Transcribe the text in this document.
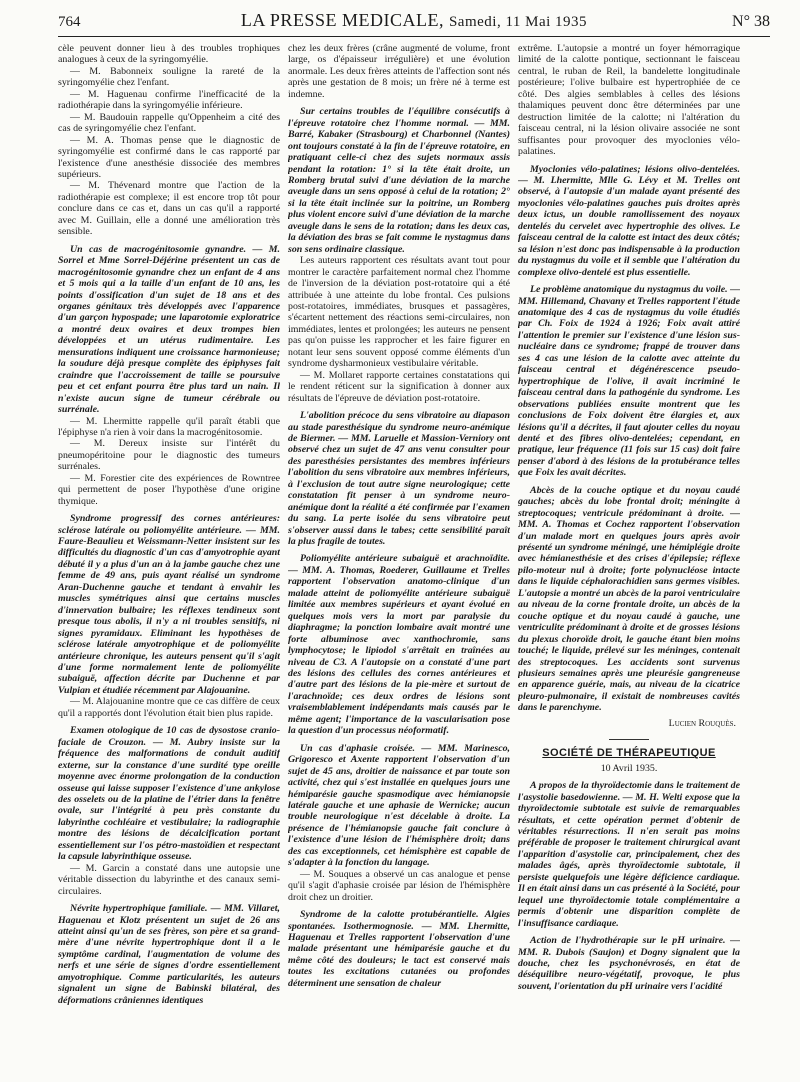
764	LA PRESSE MEDICALE, Samedi, 11 Mai 1935	N° 38

cèle peuvent donner lieu à des troubles trophiques analogues à ceux de la syringomyélie.

— M. Babonneix souligne la rareté de la syringomyélie chez l'enfant.

— M. Haguenau confirme l'inefficacité de la radiothérapie dans la syringomyélie inférieure.

— M. Baudouin rappelle qu'Oppenheim a cité des cas de syringomyélie chez l'enfant.

— M. A. Thomas pense que le diagnostic de syringomyélie est confirmé dans le cas rapporté par l'existence d'une anesthésie dissociée des membres supérieurs.

— M. Thévenard montre que l'action de la radiothérapie est complexe; il est encore trop tôt pour conclure dans ce cas et, dans un cas qu'il a rapporté avec M. Guillain, elle a donné une amélioration très sensible.

Un cas de macrogénitosomie gynandre. — M. Sorrel et Mme Sorrel-Déjérine présentent un cas de macrogénitosomie gynandre chez un enfant de 4 ans et 5 mois qui a la taille d'un enfant de 10 ans, les points d'ossification d'un sujet de 18 ans et des organes génitaux très développés avec l'apparence d'un garçon hypospade; une laparotomie exploratrice a montré deux ovaires et deux trompes bien développées et un utérus rudimentaire. Les mensurations indiquent une croissance harmonieuse; la soudure déjà presque complète des épiphyses fait craindre que l'accroissement de taille se poursuive peu et cet enfant pourra être plus tard un nain. Il n'existe aucun signe de tumeur cérébrale ou surrénale.

— M. Lhermitte rappelle qu'il paraît établi que l'épiphyse n'a rien à voir dans la macrogénitosomie.

— M. Dereux insiste sur l'intérêt du pneumopéritoine pour le diagnostic des tumeurs surrénales.

— M. Forestier cite des expériences de Rowntree qui permettent de poser l'hypothèse d'une origine thymique.

Syndrome progressif des cornes antérieures: sclérose latérale ou poliomyélite antérieure. — MM. Faure-Beaulieu et Weissmann-Netter insistent sur les difficultés du diagnostic d'un cas d'amyotrophie ayant débuté il y a plus d'un an à la jambe gauche chez une femme de 49 ans, puis ayant réalisé un syndrome Aran-Duchenne gauche et tendant à envahir les muscles symétriques ainsi que certains muscles d'innervation bulbaire; les réflexes tendineux sont presque tous abolis, il n'y a ni troubles sensitifs, ni signes pyramidaux. Eliminant les hypothèses de sclérose latérale amyotrophique et de poliomyélite antérieure chronique, les auteurs pensent qu'il s'agit d'une forme normalement lente de poliomyélite subaiguë, affection décrite par Duchenne et par Vulpian et étudiée récemment par Alajouanine.

— M. Alajouanine montre que ce cas diffère de ceux qu'il a rapportés dont l'évolution était bien plus rapide.

Examen otologique de 10 cas de dysostose cranio-faciale de Crouzon. — M. Aubry insiste sur la fréquence des malformations de conduit auditif externe, sur la constance d'une surdité type oreille moyenne avec énorme prolongation de la conduction osseuse qui laisse supposer l'existence d'une ankylose des osselets ou de la platine de l'étrier dans la fenêtre ovale, sur l'intégrité à peu près constante du labyrinthe cochléaire et vestibulaire; la radiographie montre des lésions de décalcification portant essentiellement sur l'os pétro-mastoïdien et respectant la capsule labyrinthique osseuse.

— M. Garcin a constaté dans une autopsie une véritable dissection du labyrinthe et des canaux semi-circulaires.

Névrite hypertrophique familiale. — MM. Villaret, Haguenau et Klotz présentent un sujet de 26 ans atteint ainsi qu'un de ses frères, son père et sa grand-mère d'une névrite hypertrophique dont il a le symptôme cardinal, l'augmentation de volume des nerfs et une série de signes d'ordre essentiellement amyotrophique. Comme particularités, les auteurs signalent un signe de Babinski bilatéral, des déformations crâniennes identiques

chez les deux frères (crâne augmenté de volume, front large, os d'épaisseur irrégulière) et une évolution anormale. Les deux frères atteints de l'affection sont nés après une gestation de 8 mois; un frère né à terme est indemne.

Sur certains troubles de l'équilibre consécutifs à l'épreuve rotatoire chez l'homme normal. — MM. Barré, Kabaker (Strasbourg) et Charbonnel (Nantes) ont toujours constaté à la fin de l'épreuve rotatoire, en pratiquant celle-ci chez des sujets normaux assis pendant la rotation: 1° si la tête était droite, un Romberg brutal suivi d'une déviation de la marche aveugle dans un sens opposé à celui de la rotation; 2° si la tête était inclinée sur la poitrine, un Romberg plus violent encore suivi d'une déviation de la marche aveugle dans le sens de la rotation; dans les deux cas, la déviation des bras se fait comme le nystagmus dans son sens ordinaire classique.

Les auteurs rapportent ces résultats avant tout pour montrer le caractère parfaitement normal chez l'homme de l'inversion de la déviation post-rotatoire qui a été attribuée à une atteinte du lobe frontal. Ces pulsions post-rotatoires, immédiates, brusques et passagères, s'écartent nettement des réactions semi-circulaires, non immédiates, lentes et prolongées; les auteurs ne pensent pas qu'on puisse les rapprocher et les faire figurer en notant leur sens souvent opposé comme éléments d'un syndrome dysharmonieux vestibulaire véritable.

— M. Mollaret rapporte certaines constatations qui le rendent réticent sur la signification à donner aux résultats de l'épreuve de déviation post-rotatoire.

L'abolition précoce du sens vibratoire au diapason au stade paresthésique du syndrome neuro-anémique de Biermer. — MM. Laruelle et Massion-Verniory ont observé chez un sujet de 47 ans venu consulter pour des paresthésies persistantes des membres inférieurs l'abolition du sens vibratoire aux membres inférieurs, à l'exclusion de tout autre signe neurologique; cette constatation fit penser à un syndrome neuro-anémique dont la réalité a été confirmée par l'examen du sang. La perte isolée du sens vibratoire peut s'observer aussi dans le tabes; cette sensibilité paraît la plus fragile de toutes.
Poliomyélite antérieure subaiguë et arachnoïdite. — MM. A. Thomas, Roederer, Guillaume et Trelles rapportent l'observation anatomo-clinique d'un malade atteint de poliomyélite antérieure subaiguë limitée aux membres supérieurs et ayant évolué en quelques mois vers la mort par paralysie du diaphragme; la ponction lombaire avait montré une forte albuminose avec xanthochromie, sans lymphocytose; le lipiodol s'arrêtait en traînées au niveau de C3. A l'autopsie on a constaté d'une part des lésions des cellules des cornes antérieures et d'autre part des lésions de la pie-mère et surtout de l'arachnoïde; ces deux ordres de lésions sont vraisemblablement indépendants mais causés par le même agent; l'importance de la vascularisation pose la question d'un processus néoformatif.
Un cas d'aphasie croisée. — MM. Marinesco, Grigoresco et Axente rapportent l'observation d'un sujet de 45 ans, droitier de naissance et par toute son activité, chez qui s'est installée en quelques jours une hémiparésie gauche spasmodique avec hémianopsie latérale gauche et une aphasie de Wernicke; aucun trouble neurologique n'est décelable à droite. La présence de l'hémianopsie gauche fait conclure à l'existence d'une lésion de l'hémisphère droit; dans des cas exceptionnels, cet hémisphère est capable de s'adapter à la fonction du langage.

— M. Souques a observé un cas analogue et pense qu'il s'agit d'aphasie croisée par lésion de l'hémisphère droit chez un droitier.

Syndrome de la calotte protubérantielle. Algies spontanées. Isothermognosie. — MM. Lhermitte, Haguenau et Trelles rapportent l'observation d'une malade présentant une hémiparésie gauche et du même côté des douleurs; le tact est conservé mais toutes les excitations cutanées ou profondes déterminent une sensation de chaleur

extrême. L'autopsie a montré un foyer hémorragique limité de la calotte pontique, sectionnant le faisceau central, le ruban de Reil, la bandelette longitudinale postérieure; l'olive bulbaire est hypertrophiée de ce côté. Des algies semblables à celles des lésions thalamiques peuvent donc être déterminées par une destruction limitée de la calotte; ni l'altération du faisceau central, ni la lésion olivaire associée ne sont suffisantes pour provoquer des myoclonies vélo-palatines.

Myoclonies vélo-palatines; lésions olivo-dentelées. — M. Lhermitte, Mlle G. Lévy et M. Trelles ont observé, à l'autopsie d'un malade ayant présenté des myoclonies vélo-palatines gauches puis droites après deux ictus, un double ramollissement des noyaux dentelés du cervelet avec hypertrophie des olives. Le faisceau central de la calotte est intact des deux côtés; sa lésion n'est donc pas indispensable à la production du nystagmus du voile et il semble que l'altération du complexe olivo-dentelé est plus essentielle.
Le problème anatomique du nystagmus du voile. — MM. Hillemand, Chavany et Trelles rapportent l'étude anatomique des 4 cas de nystagmus du voile étudiés par Ch. Foix de 1924 à 1926; Foix avait attiré l'attention le premier sur l'existence d'une lésion sus-nucléaire dans ce syndrome; frappé de trouver dans ses 4 cas une lésion de la calotte avec atteinte du faisceau central et dégénérescence pseudo-hypertrophique de l'olive, il avait incriminé le faisceau central dans la pathogénie du syndrome. Les observations publiées ensuite montrent que les conclusions de Foix doivent être élargies et, aux lésions qu'il a décrites, il faut ajouter celles du noyau denté et des fibres olivo-dentelées; cependant, en pratique, leur fréquence (11 fois sur 15 cas) doit faire penser d'abord à des lésions de la protubérance telles que Foix les avait décrites.
Abcès de la couche optique et du noyau caudé gauches; abcès du lobe frontal droit; méningite à streptocoques; ventricule prédominant à droite. — MM. A. Thomas et Cochez rapportent l'observation d'un malade mort en quelques jours après avoir présenté un syndrome méningé, une hémiplégie droite avec hémianesthésie et des crises d'épilepsie; réflexe pilo-moteur nul à droite; forte polynucléose intacte dans le liquide céphalorachidien sans germes visibles. L'autopsie a montré un abcès de la paroi ventriculaire au niveau de la corne frontale droite, un abcès de la couche optique et du noyau caudé à gauche, une ventriculite prédominant à droite et de grosses lésions du plexus choroïde droit, le gauche étant bien moins touché; le liquide, prélevé sur les méninges, contenait des streptocoques. Les accidents sont survenus plusieurs semaines après une pleurésie gangreneuse en apparence guérie, mais, au niveau de la cicatrice pleuro-pulmonaire, il existait de nombreuses cavités dans le parenchyme.

Lucien Rouquès.

SOCIÉTÉ DE THÉRAPEUTIQUE
10 Avril 1935.
A propos de la thyroïdectomie dans le traitement de l'asystolie basedowienne. — M. H. Welti expose que la thyroïdectomie subtotale est suivie de remarquables résultats, et cette opération permet d'obtenir de véritables résurrections. Il n'en serait pas moins préférable de proposer le traitement chirurgical avant l'apparition d'asystolie car, principalement, chez des malades âgés, après thyroïdectomie subtotale, il persiste quelquefois une légère déficience cardiaque. Il en était ainsi dans un cas présenté à la Société, pour lequel une thyroïdectomie totale complémentaire a permis d'obtenir une disparition complète de l'insuffisance cardiaque.
Action de l'hydrothérapie sur le pH urinaire. — MM. R. Dubois (Saujon) et Dogny signalent que la douche, chez les psychonévrosés, en état de déséquilibre neuro-végétatif, provoque, le plus souvent, l'orientation du pH urinaire vers l'acidité
